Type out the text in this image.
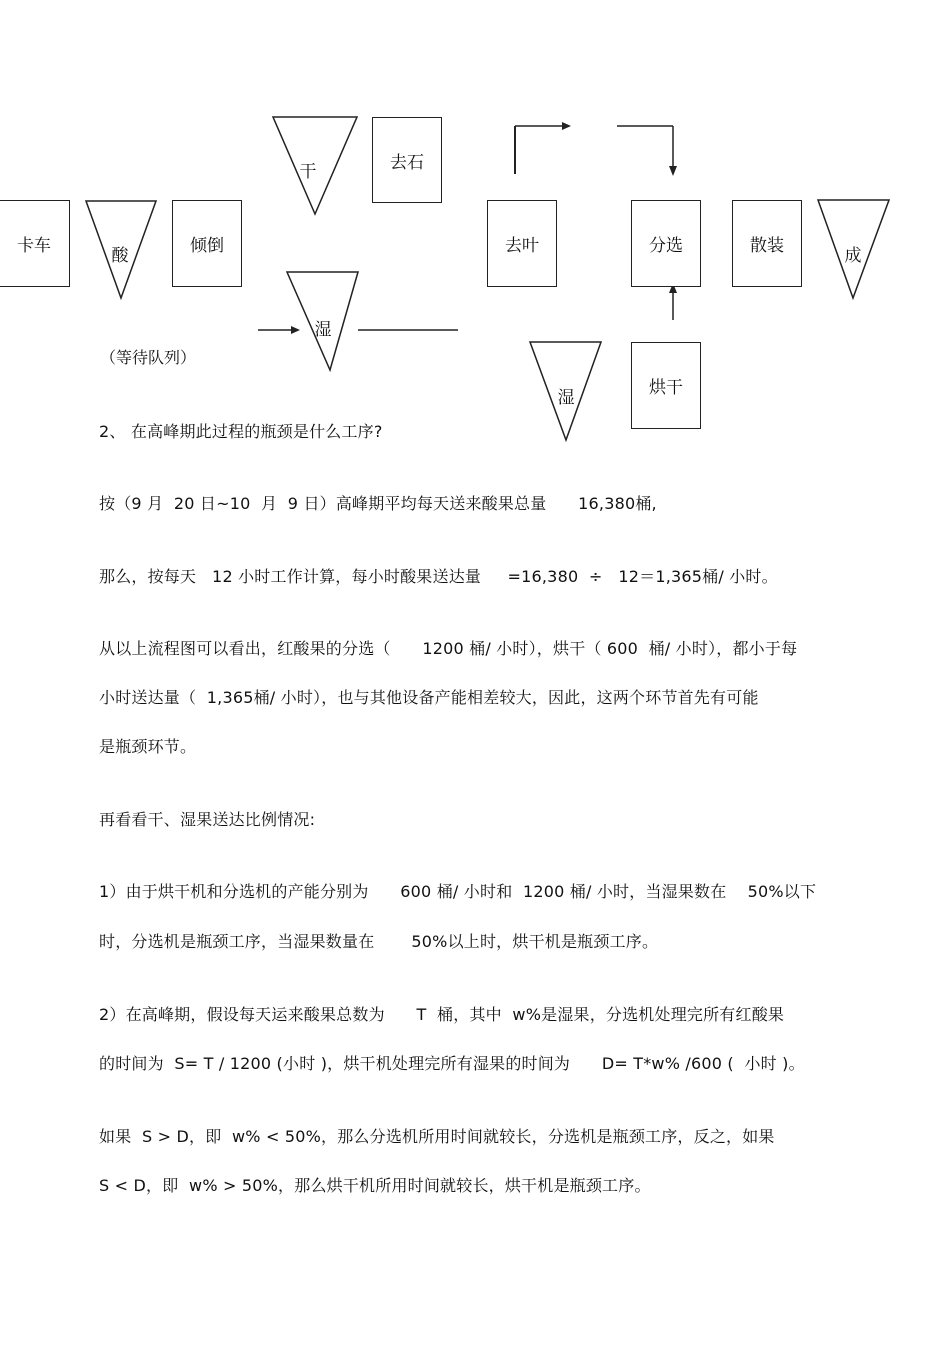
卡车	倾倒
去石
去叶	分选	散装
烘干
酸
干
湿
湿
成
（等待队列）
2、 在高峰期此过程的瓶颈是什么工序?
按（9 月  20 日~10  月  9 日）高峰期平均每天送来酸果总量      16,380桶,
那么，按每天   12 小时工作计算，每小时酸果送达量     =16,380  ÷   12＝1,365桶/ 小时。
从以上流程图可以看出，红酸果的分选（      1200 桶/ 小时），烘干（ 600  桶/ 小时），都小于每
小时送达量（  1,365桶/ 小时），也与其他设备产能相差较大，因此，这两个环节首先有可能
是瓶颈环节。
再看看干、湿果送达比例情况:
1）由于烘干机和分选机的产能分别为      600 桶/ 小时和  1200 桶/ 小时，当湿果数在    50%以下
时，分选机是瓶颈工序，当湿果数量在       50%以上时，烘干机是瓶颈工序。
2）在高峰期，假设每天运来酸果总数为      T  桶，其中  w%是湿果，分选机处理完所有红酸果
的时间为  S= T / 1200 (小时 )，烘干机处理完所有湿果的时间为      D= T*w% /600 (  小时 )。
如果  S > D，即  w% < 50%，那么分选机所用时间就较长，分选机是瓶颈工序，反之，如果
S < D，即  w% > 50%，那么烘干机所用时间就较长，烘干机是瓶颈工序。
